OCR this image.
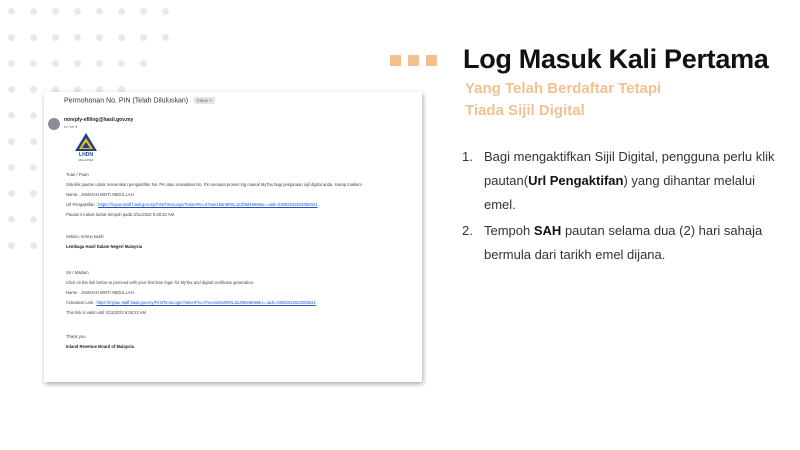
Permohonan No. PIN (Telah Diluluskan) Inbox ×
noreply-efiling@hasil.gov.my
to me ▾
LHDN
MALAYSIA
Tuan / Puan
Sila klik pautan untuk menerukan pengaktifan No. Pin atau masukkan No. Pin semasa proses log masuk MyTax bagi penjanaan sijil digital anda. Harap maklum
Nama : JAMSIAH BINTI ABDULLAH
Url Pengaktifan : https://mytax-staff.hasil.gov.my/FirstTimeLogin?tokenPin=07xee1b5n5R0L1EZ9M4666Mu==&dt=03062022532055021
Pautan ini akan tamat tempoh pada 3/11/2022 9:28:22 AM
Sekian, terima kasih
Lembaga Hasil Dalam Negeri Malaysia
Sir / Madam
Click on the link below to proceed with your first time login for MyTax and digital certificate generation.
Name : JAMSIAH BINTI ABDULLAH
Activation Link : https://mytax-staff.hasil.gov.my/FirstTimeLogin?tokenPin=07xee1b5n5R0L1EZ9M4666Mu==&dt=03062022532055021
This link is valid until 3/11/2022 9:28:22 AM
Thank you
Inland Revenue Board of Malaysia
Log Masuk Kali Pertama
Yang Telah Berdaftar Tetapi
Tiada Sijil Digital
1. Bagi mengaktifkan Sijil Digital, pengguna perlu klik pautan(Url Pengaktifan) yang dihantar melalui emel.
2. Tempoh SAH pautan selama dua (2) hari sahaja bermula dari tarikh emel dijana.
